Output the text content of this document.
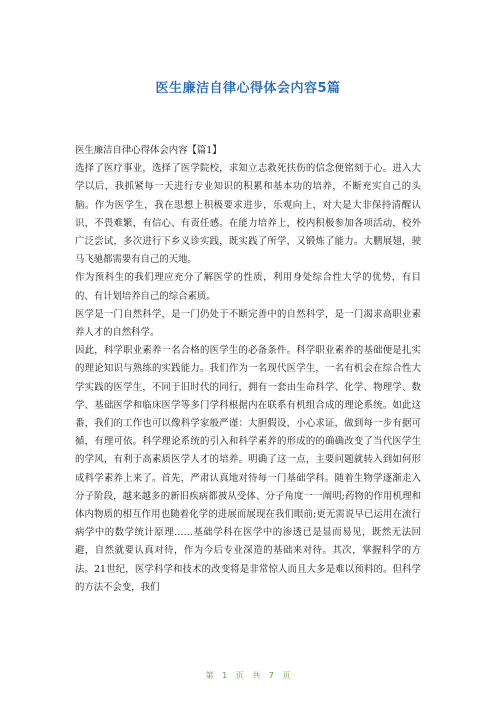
医生廉洁自律心得体会内容5篇

医生廉洁自律心得体会内容【篇1】

选择了医疗事业，选择了医学院校，求知立志救死扶伤的信念便铭刻于心。进入大学以后，我抓紧每一天进行专业知识的积累和基本功的培养，不断充实自己的头脑。作为医学生，我在思想上积极要求进步，乐观向上，对大是大非保持清醒认识，不畏难繁，有信心、有责任感。在能力培养上，校内积极参加各项活动，校外广泛尝试，多次进行下乡义诊实践，既实践了所学，又锻炼了能力。大鹏展翅，驶马飞驰都需要有自己的天地。

作为预科生的我们理应充分了解医学的性质，利用身处综合性大学的优势，有目的、有计划培养自己的综合素质。

医学是一门自然科学，是一门仍处于不断完善中的自然科学，是一门渴求高职业素养人才的自然科学。

因此，科学职业素养一名合格的医学生的必备条件。科学职业素养的基础便是扎实的理论知识与熟练的实践能力。我们作为一名现代医学生，一名有机会在综合性大学实践的医学生，不同于旧时代的同行，拥有一套由生命科学、化学、物理学、数学、基础医学和临床医学等多门学科根据内在联系有机组合成的理论系统。如此这番，我们的工作也可以像科学家般严谨：大胆假设，小心求证，做到每一步有据可循，有理可依。科学理论系统的引入和科学素养的形成的的确确改变了当代医学生的学风，有利于高素质医学人才的培养。明确了这一点，主要问题就转入到如何形成科学素养上来了。首先，严肃认真地对待每一门基础学科。随着生物学逐渐走入分子阶段，越来越多的新旧疾病都被从受体、分子角度一一阐明;药物的作用机理和体内物质的相互作用也随着化学的进展而展现在我们眼前;更无需说早已运用在流行病学中的数学统计原理……基础学科在医学中的渗透已是显而易见，既然无法回避，自然就要认真对待，作为今后专业深造的基础来对待。其次，掌握科学的方法。21世纪，医学科学和技术的改变将是非常惊人而且大多是难以预料的。但科学的方法不会变，我们

第 1 页 共 7 页
